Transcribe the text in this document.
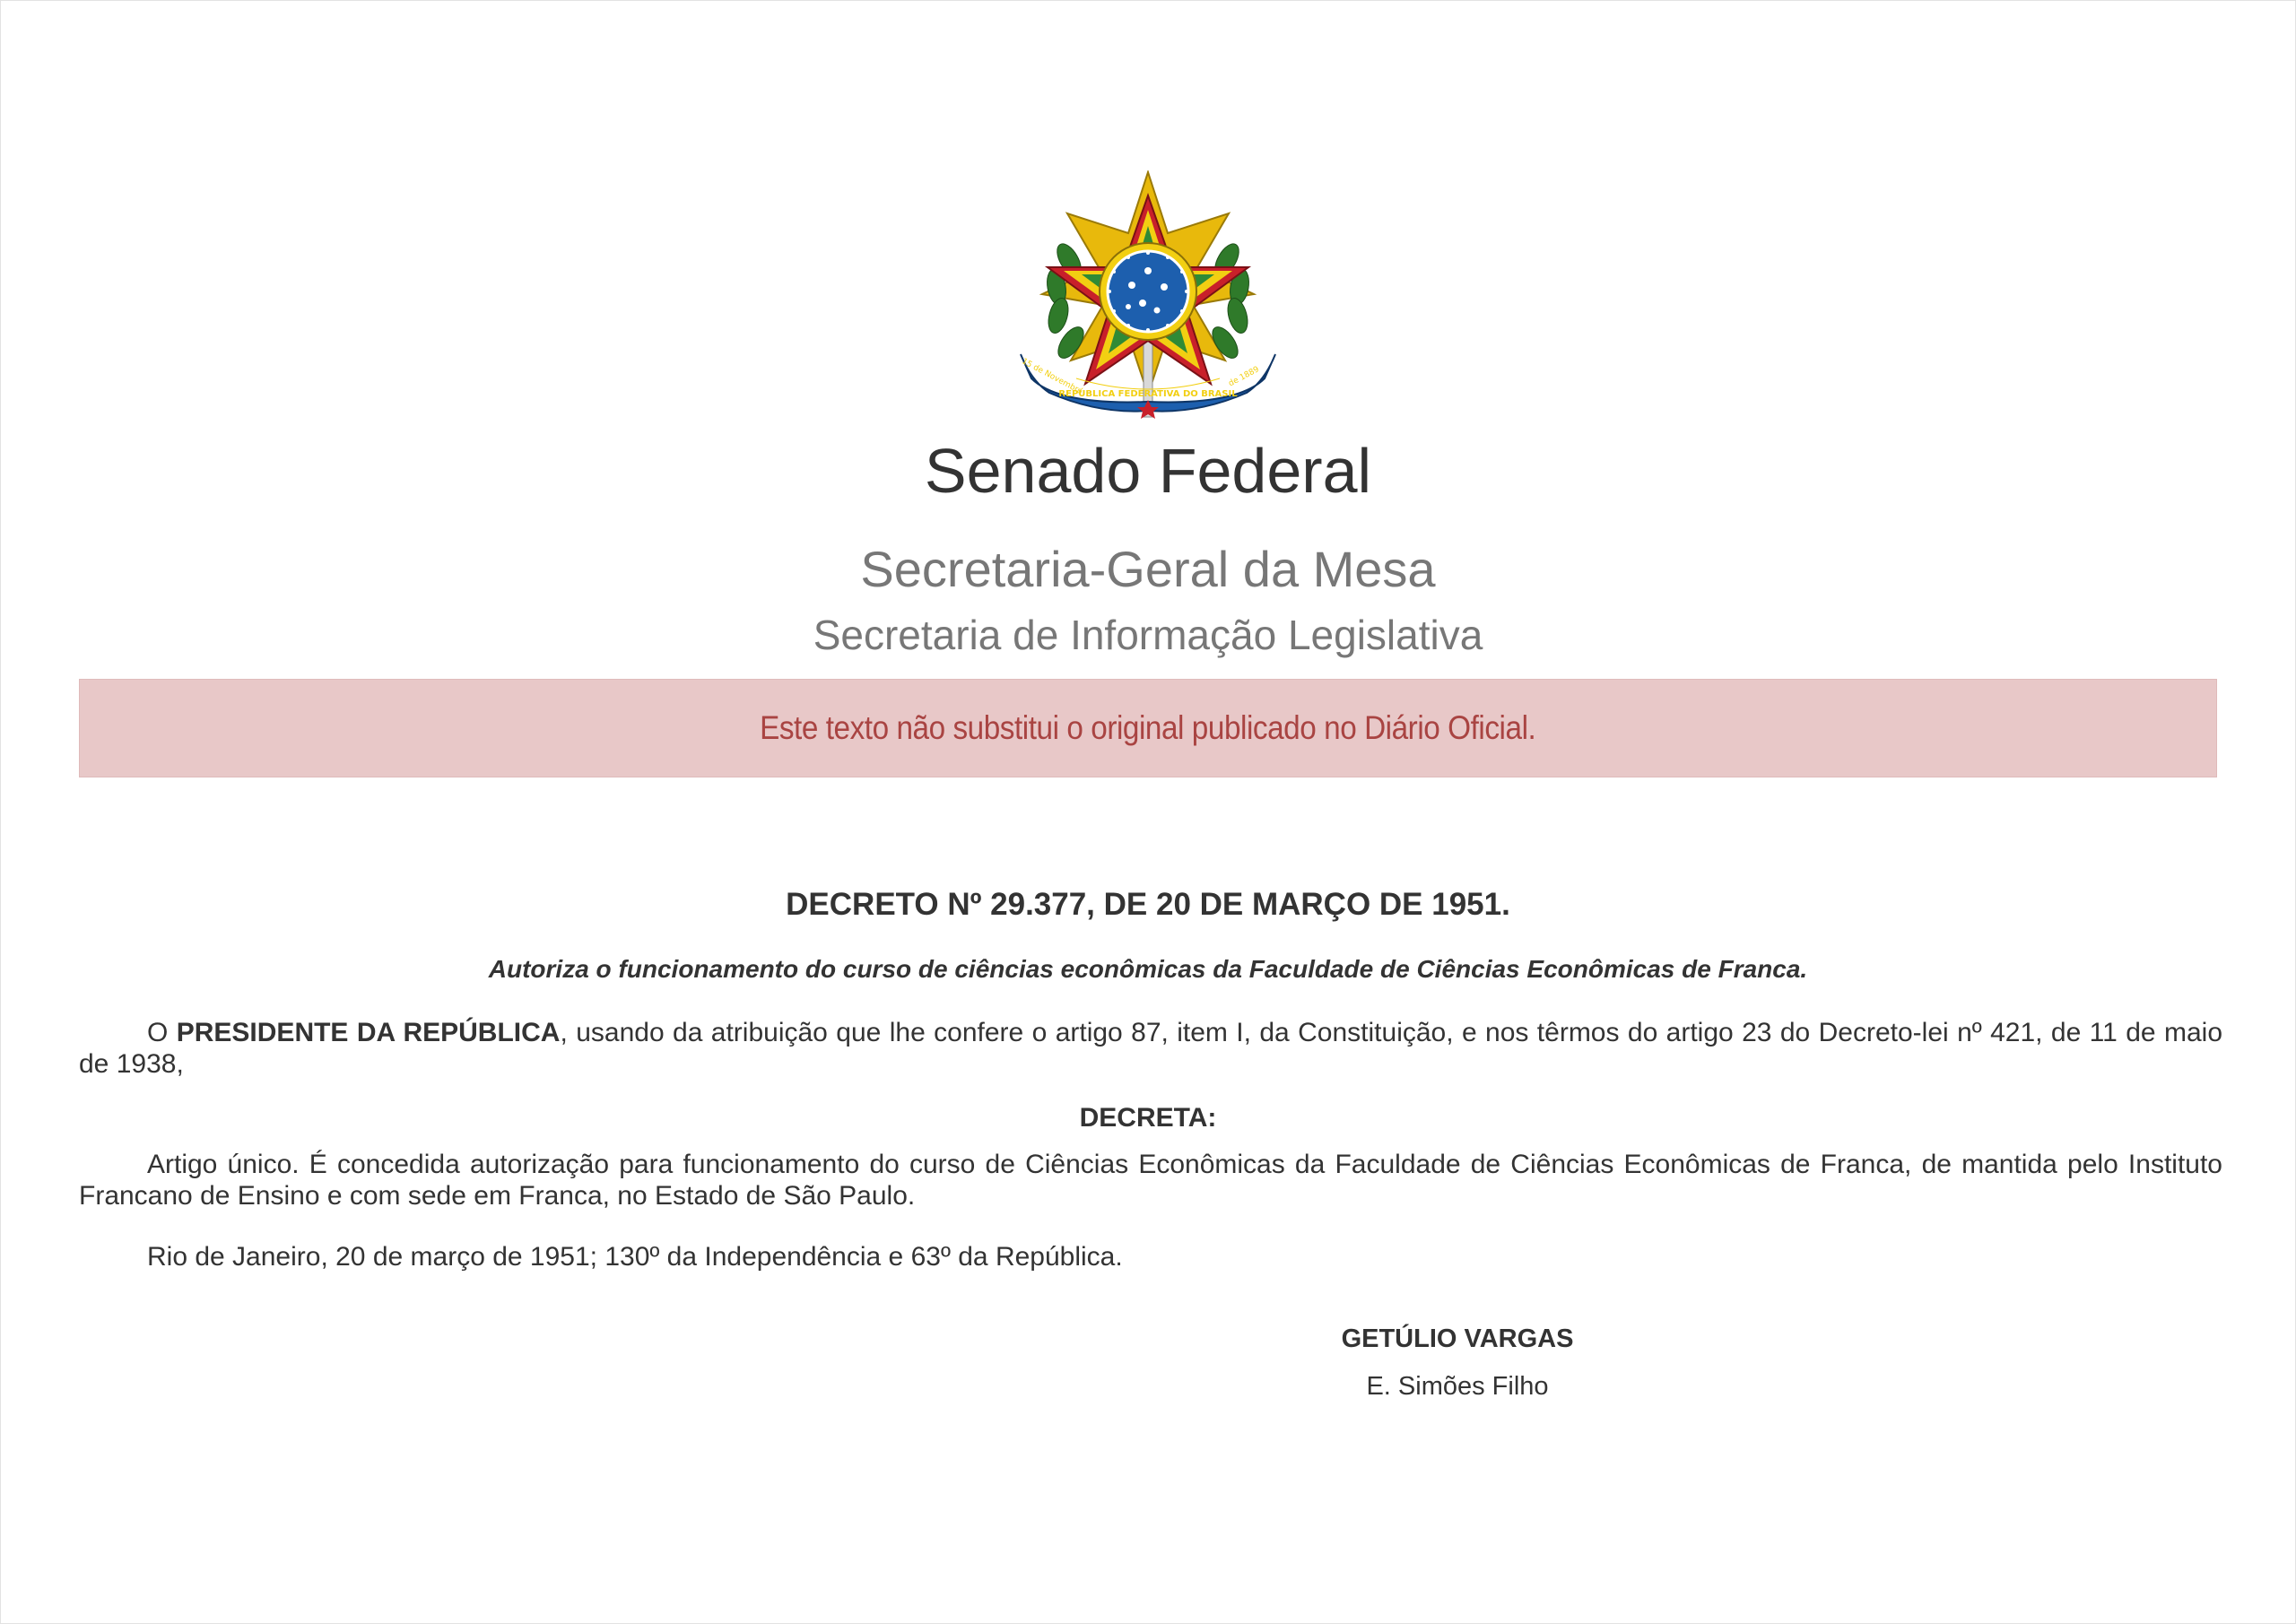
REPÚBLICA FEDERATIVA DO BRASIL
15 de Novembro	de 1889
Senado Federal
Secretaria-Geral da Mesa
Secretaria de Informação Legislativa
Este texto não substitui o original publicado no Diário Oficial.
DECRETO Nº 29.377, DE 20 DE MARÇO DE 1951.
Autoriza o funcionamento do curso de ciências econômicas da Faculdade de Ciências Econômicas de Franca.
O PRESIDENTE DA REPÚBLICA, usando da atribuição que lhe confere o artigo 87, item I, da Constituição, e nos têrmos do artigo 23 do Decreto-lei nº 421, de 11 de maio de 1938,
DECRETA:
Artigo único. É concedida autorização para funcionamento do curso de Ciências Econômicas da Faculdade de Ciências Econômicas de Franca, de mantida pelo Instituto Francano de Ensino e com sede em Franca, no Estado de São Paulo.
Rio de Janeiro, 20 de março de 1951; 130º da Independência e 63º da República.
GETÚLIO VARGAS
E. Simões Filho
